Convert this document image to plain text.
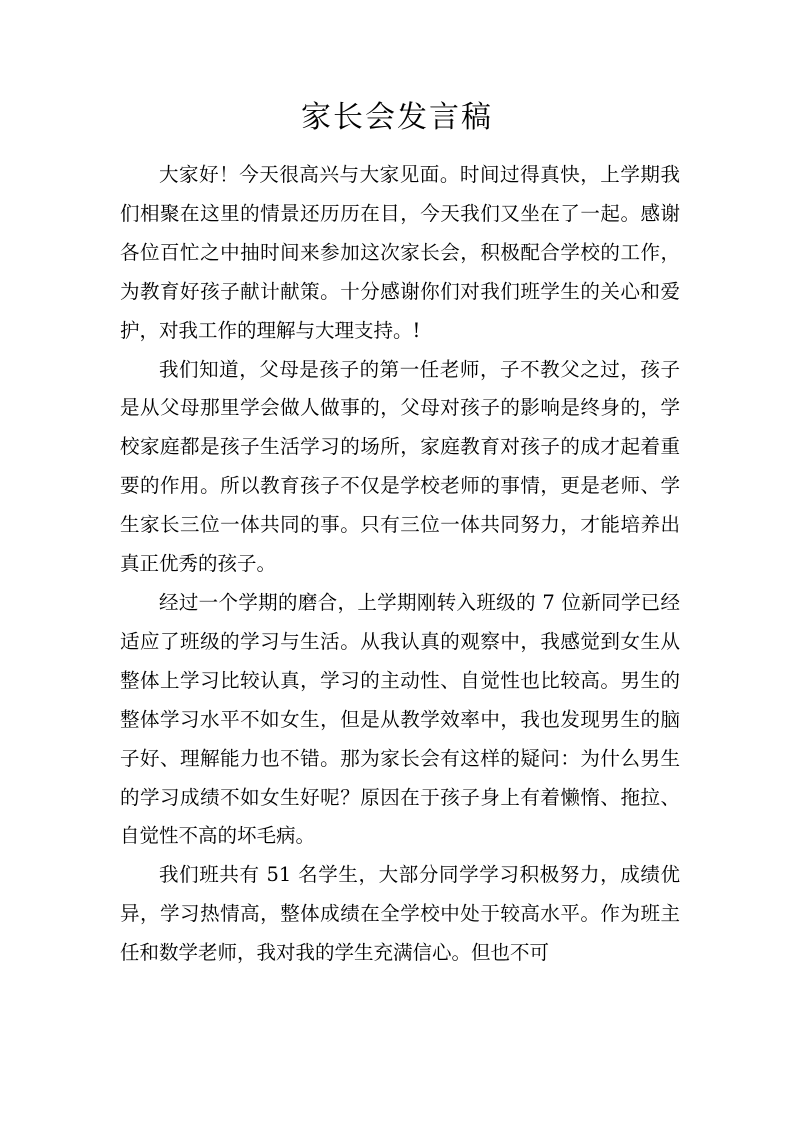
家长会发言稿

大家好！今天很高兴与大家见面。时间过得真快，上学期我们相聚在这里的情景还历历在目，今天我们又坐在了一起。感谢各位百忙之中抽时间来参加这次家长会，积极配合学校的工作，为教育好孩子献计献策。十分感谢你们对我们班学生的关心和爱护，对我工作的理解与大理支持。!

我们知道，父母是孩子的第一任老师，子不教父之过，孩子是从父母那里学会做人做事的，父母对孩子的影响是终身的，学校家庭都是孩子生活学习的场所，家庭教育对孩子的成才起着重要的作用。所以教育孩子不仅是学校老师的事情，更是老师、学生家长三位一体共同的事。只有三位一体共同努力，才能培养出真正优秀的孩子。

经过一个学期的磨合，上学期刚转入班级的 7 位新同学已经适应了班级的学习与生活。从我认真的观察中，我感觉到女生从整体上学习比较认真，学习的主动性、自觉性也比较高。男生的整体学习水平不如女生，但是从教学效率中，我也发现男生的脑子好、理解能力也不错。那为家长会有这样的疑问：为什么男生的学习成绩不如女生好呢？原因在于孩子身上有着懒惰、拖拉、自觉性不高的坏毛病。

我们班共有 51 名学生，大部分同学学习积极努力，成绩优异，学习热情高，整体成绩在全学校中处于较高水平。作为班主任和数学老师，我对我的学生充满信心。但也不可
